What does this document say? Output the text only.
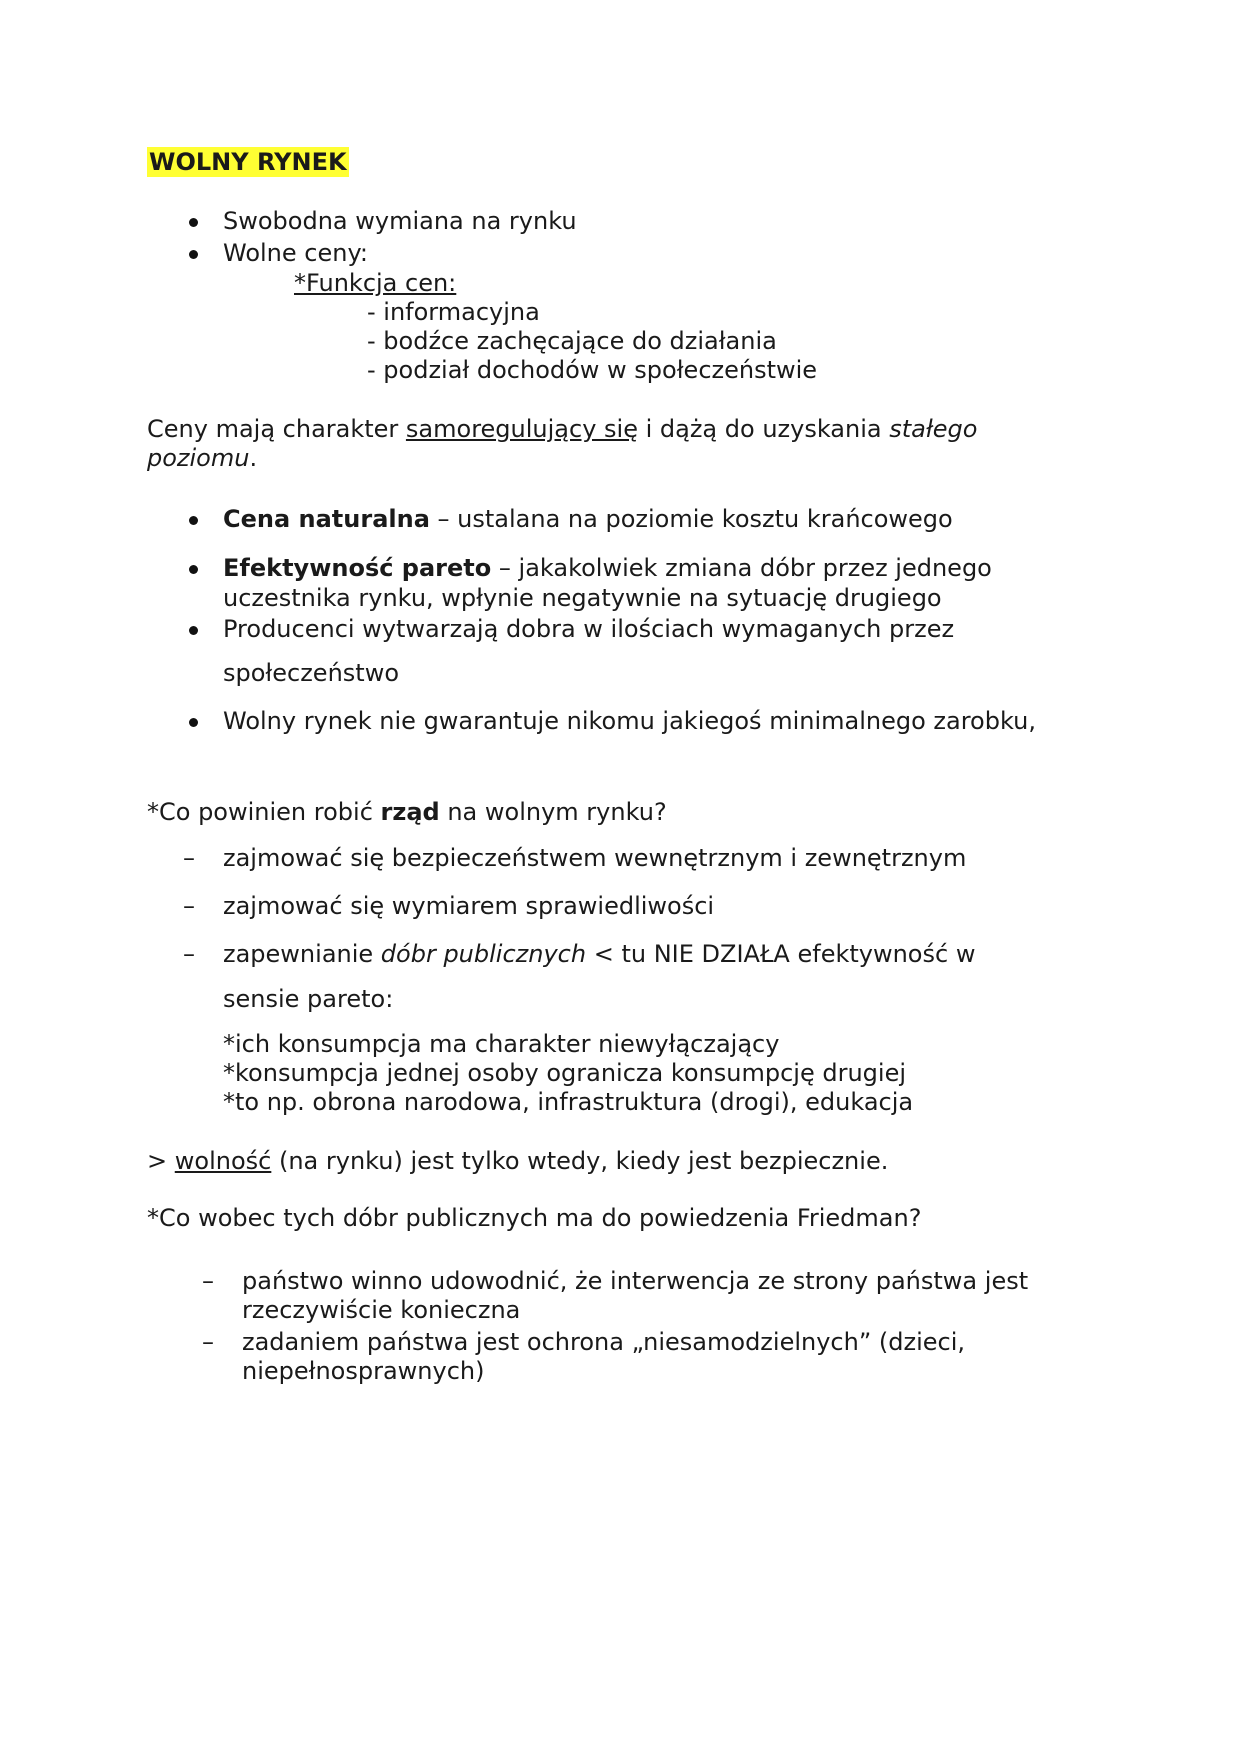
WOLNY RYNEK
Swobodna wymiana na rynku
Wolne ceny:
*Funkcja cen:
- informacyjna
- bodźce zachęcające do działania
- podział dochodów w społeczeństwie
Ceny mają charakter samoregulujący się i dążą do uzyskania stałego
poziomu.
Cena naturalna – ustalana na poziomie kosztu krańcowego
Efektywność pareto – jakakolwiek zmiana dóbr przez jednego
uczestnika rynku, wpłynie negatywnie na sytuację drugiego
Producenci wytwarzają dobra w ilościach wymaganych przez
społeczeństwo
Wolny rynek nie gwarantuje nikomu jakiegoś minimalnego zarobku,
*Co powinien robić rząd na wolnym rynku?
– zajmować się bezpieczeństwem wewnętrznym i zewnętrznym
– zajmować się wymiarem sprawiedliwości
– zapewnianie dóbr publicznych < tu NIE DZIAŁA efektywność w
sensie pareto:
*ich konsumpcja ma charakter niewyłączający
*konsumpcja jednej osoby ogranicza konsumpcję drugiej
*to np. obrona narodowa, infrastruktura (drogi), edukacja
> wolność (na rynku) jest tylko wtedy, kiedy jest bezpiecznie.
*Co wobec tych dóbr publicznych ma do powiedzenia Friedman?
– państwo winno udowodnić, że interwencja ze strony państwa jest
rzeczywiście konieczna
– zadaniem państwa jest ochrona „niesamodzielnych” (dzieci,
niepełnosprawnych)
